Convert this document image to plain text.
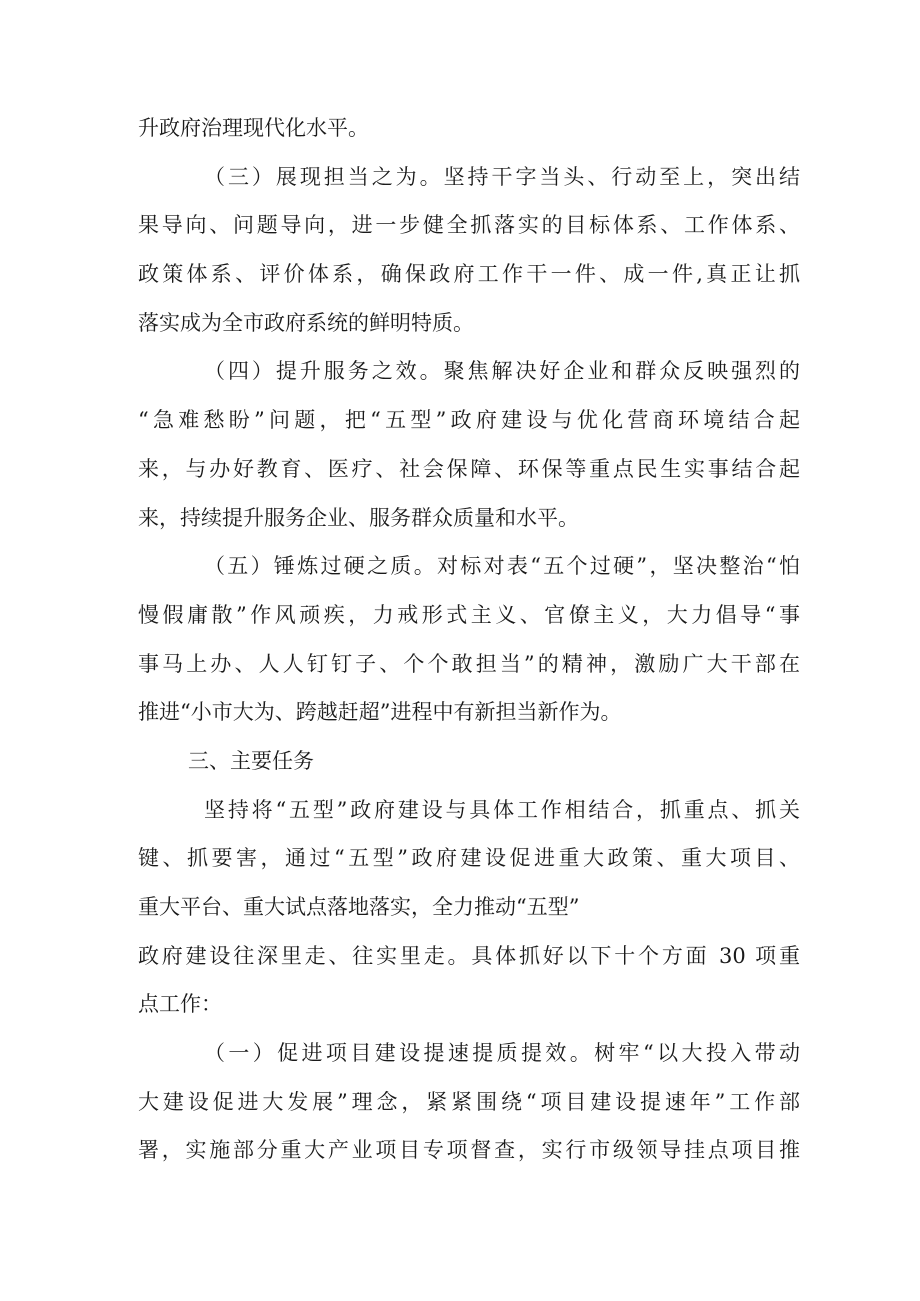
升政府治理现代化水平。
（三）展现担当之为。坚持干字当头、行动至上，突出结
果导向、问题导向，进一步健全抓落实的目标体系、工作体系、
政策体系、评价体系，确保政府工作干一件、成一件,真正让抓
落实成为全市政府系统的鲜明特质。
（四）提升服务之效。聚焦解决好企业和群众反映强烈的
“急难愁盼”问题，把“五型”政府建设与优化营商环境结合起
来，与办好教育、医疗、社会保障、环保等重点民生实事结合起
来，持续提升服务企业、服务群众质量和水平。
（五）锤炼过硬之质。对标对表“五个过硬”，坚决整治“怕
慢假庸散”作风顽疾，力戒形式主义、官僚主义，大力倡导“事
事马上办、人人钉钉子、个个敢担当”的精神，激励广大干部在
推进“小市大为、跨越赶超”进程中有新担当新作为。
三、主要任务
坚持将“五型”政府建设与具体工作相结合，抓重点、抓关
键、抓要害，通过“五型”政府建设促进重大政策、重大项目、
重大平台、重大试点落地落实，全力推动“五型”
政府建设往深里走、往实里走。具体抓好以下十个方面 30 项重
点工作：
（一）促进项目建设提速提质提效。树牢“以大投入带动
大建设促进大发展”理念，紧紧围绕“项目建设提速年”工作部
署，实施部分重大产业项目专项督查，实行市级领导挂点项目推
